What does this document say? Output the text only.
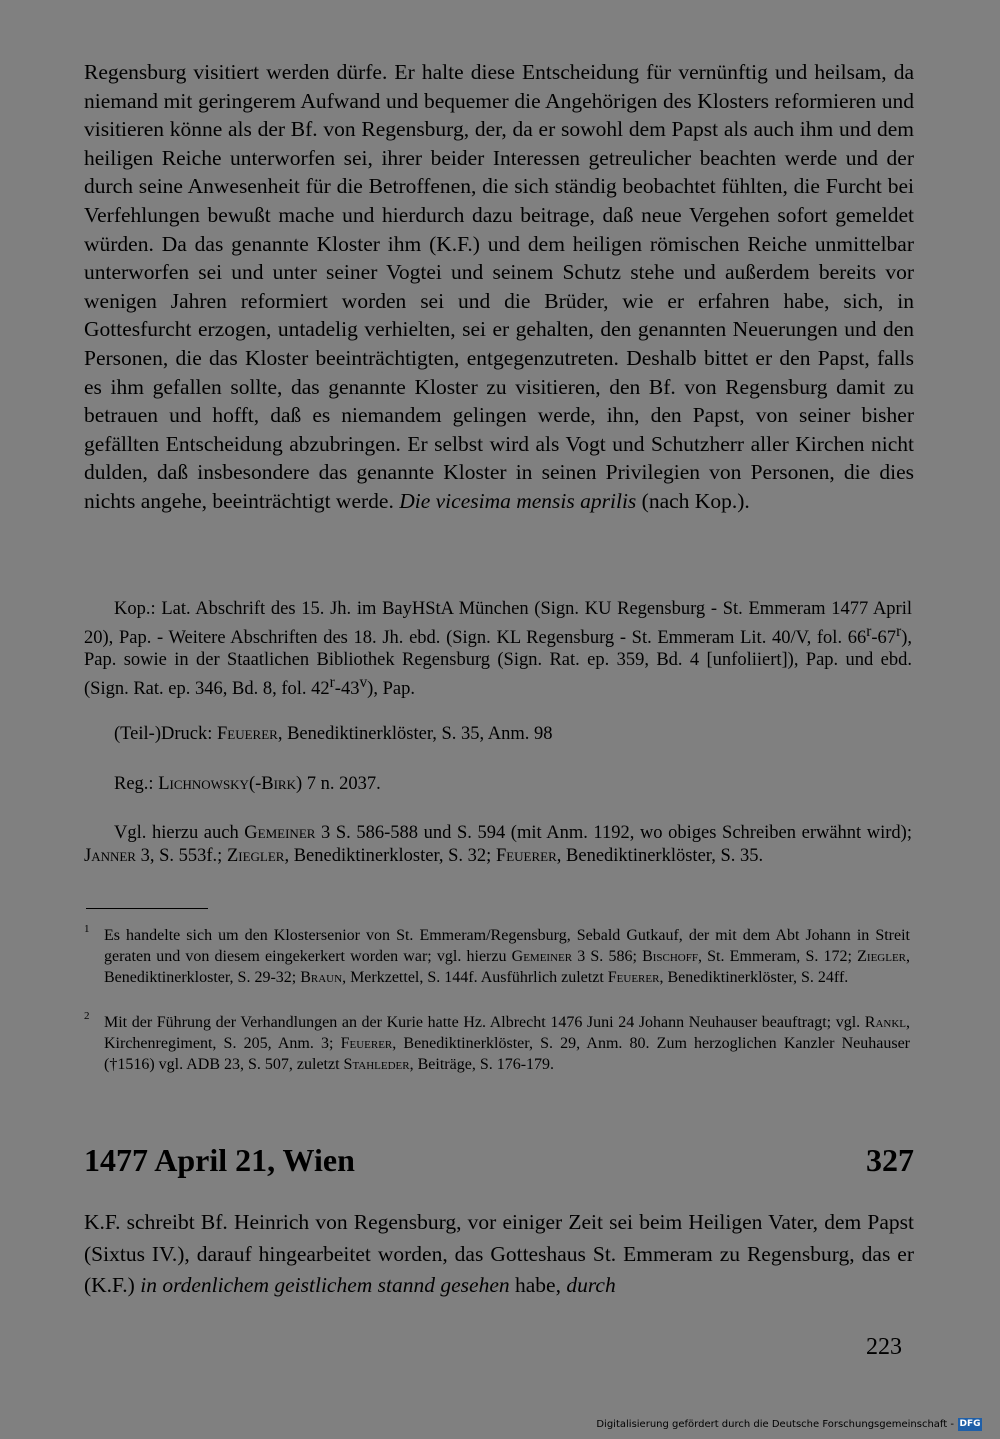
Regensburg visitiert werden dürfe. Er halte diese Entscheidung für vernünftig und heilsam, da niemand mit geringerem Aufwand und bequemer die Angehörigen des Klosters reformieren und visitieren könne als der Bf. von Regensburg, der, da er sowohl dem Papst als auch ihm und dem heiligen Reiche unterworfen sei, ihrer beider Interessen getreulicher beachten werde und der durch seine Anwesenheit für die Betroffenen, die sich ständig beobachtet fühlten, die Furcht bei Verfehlungen bewußt mache und hierdurch dazu beitrage, daß neue Vergehen sofort gemeldet würden. Da das genannte Kloster ihm (K.F.) und dem heiligen römischen Reiche unmittelbar unterworfen sei und unter seiner Vogtei und seinem Schutz stehe und außerdem bereits vor wenigen Jahren reformiert worden sei und die Brüder, wie er erfahren habe, sich, in Gottesfurcht erzogen, untadelig verhielten, sei er gehalten, den genannten Neuerungen und den Personen, die das Kloster beeinträchtigten, entgegenzutreten. Deshalb bittet er den Papst, falls es ihm gefallen sollte, das genannte Kloster zu visitieren, den Bf. von Regensburg damit zu betrauen und hofft, daß es niemandem gelingen werde, ihn, den Papst, von seiner bisher gefällten Entscheidung abzubringen. Er selbst wird als Vogt und Schutzherr aller Kirchen nicht dulden, daß insbesondere das genannte Kloster in seinen Privilegien von Personen, die dies nichts angehe, beeinträchtigt werde. Die vicesima mensis aprilis (nach Kop.).

Kop.: Lat. Abschrift des 15. Jh. im BayHStA München (Sign. KU Regensburg - St. Emmeram 1477 April 20), Pap. - Weitere Abschriften des 18. Jh. ebd. (Sign. KL Regensburg - St. Emmeram Lit. 40/V, fol. 66$^r$-67$^r$), Pap. sowie in der Staatlichen Bibliothek Regensburg (Sign. Rat. ep. 359, Bd. 4 [unfoliiert]), Pap. und ebd. (Sign. Rat. ep. 346, Bd. 8, fol. 42$^r$-43$^v$), Pap.

(Teil-)Druck: Feuerer, Benediktinerklöster, S. 35, Anm. 98

Reg.: Lichnowsky(-Birk) 7 n. 2037.

Vgl. hierzu auch Gemeiner 3 S. 586-588 und S. 594 (mit Anm. 1192, wo obiges Schreiben erwähnt wird); Janner 3, S. 553f.; Ziegler, Benediktinerkloster, S. 32; Feuerer, Benediktinerklöster, S. 35.

1 Es handelte sich um den Klostersenior von St. Emmeram/Regensburg, Sebald Gutkauf, der mit dem Abt Johann in Streit geraten und von diesem eingekerkert worden war; vgl. hierzu Gemeiner 3 S. 586; Bischoff, St. Emmeram, S. 172; Ziegler, Benediktinerkloster, S. 29-32; Braun, Merkzettel, S. 144f. Ausführlich zuletzt Feuerer, Benediktinerklöster, S. 24ff.

2 Mit der Führung der Verhandlungen an der Kurie hatte Hz. Albrecht 1476 Juni 24 Johann Neuhauser beauftragt; vgl. Rankl, Kirchenregiment, S. 205, Anm. 3; Feuerer, Benediktinerklöster, S. 29, Anm. 80. Zum herzoglichen Kanzler Neuhauser (†1516) vgl. ADB 23, S. 507, zuletzt Stahleder, Beiträge, S. 176-179.

1477 April 21, Wien	327

K.F. schreibt Bf. Heinrich von Regensburg, vor einiger Zeit sei beim Heiligen Vater, dem Papst (Sixtus IV.), darauf hingearbeitet worden, das Gotteshaus St. Emmeram zu Regensburg, das er (K.F.) in ordenlichem geistlichem stannd gesehen habe, durch

223
Digitalisierung gefördert durch die Deutsche Forschungsgemeinschaft - DFG
